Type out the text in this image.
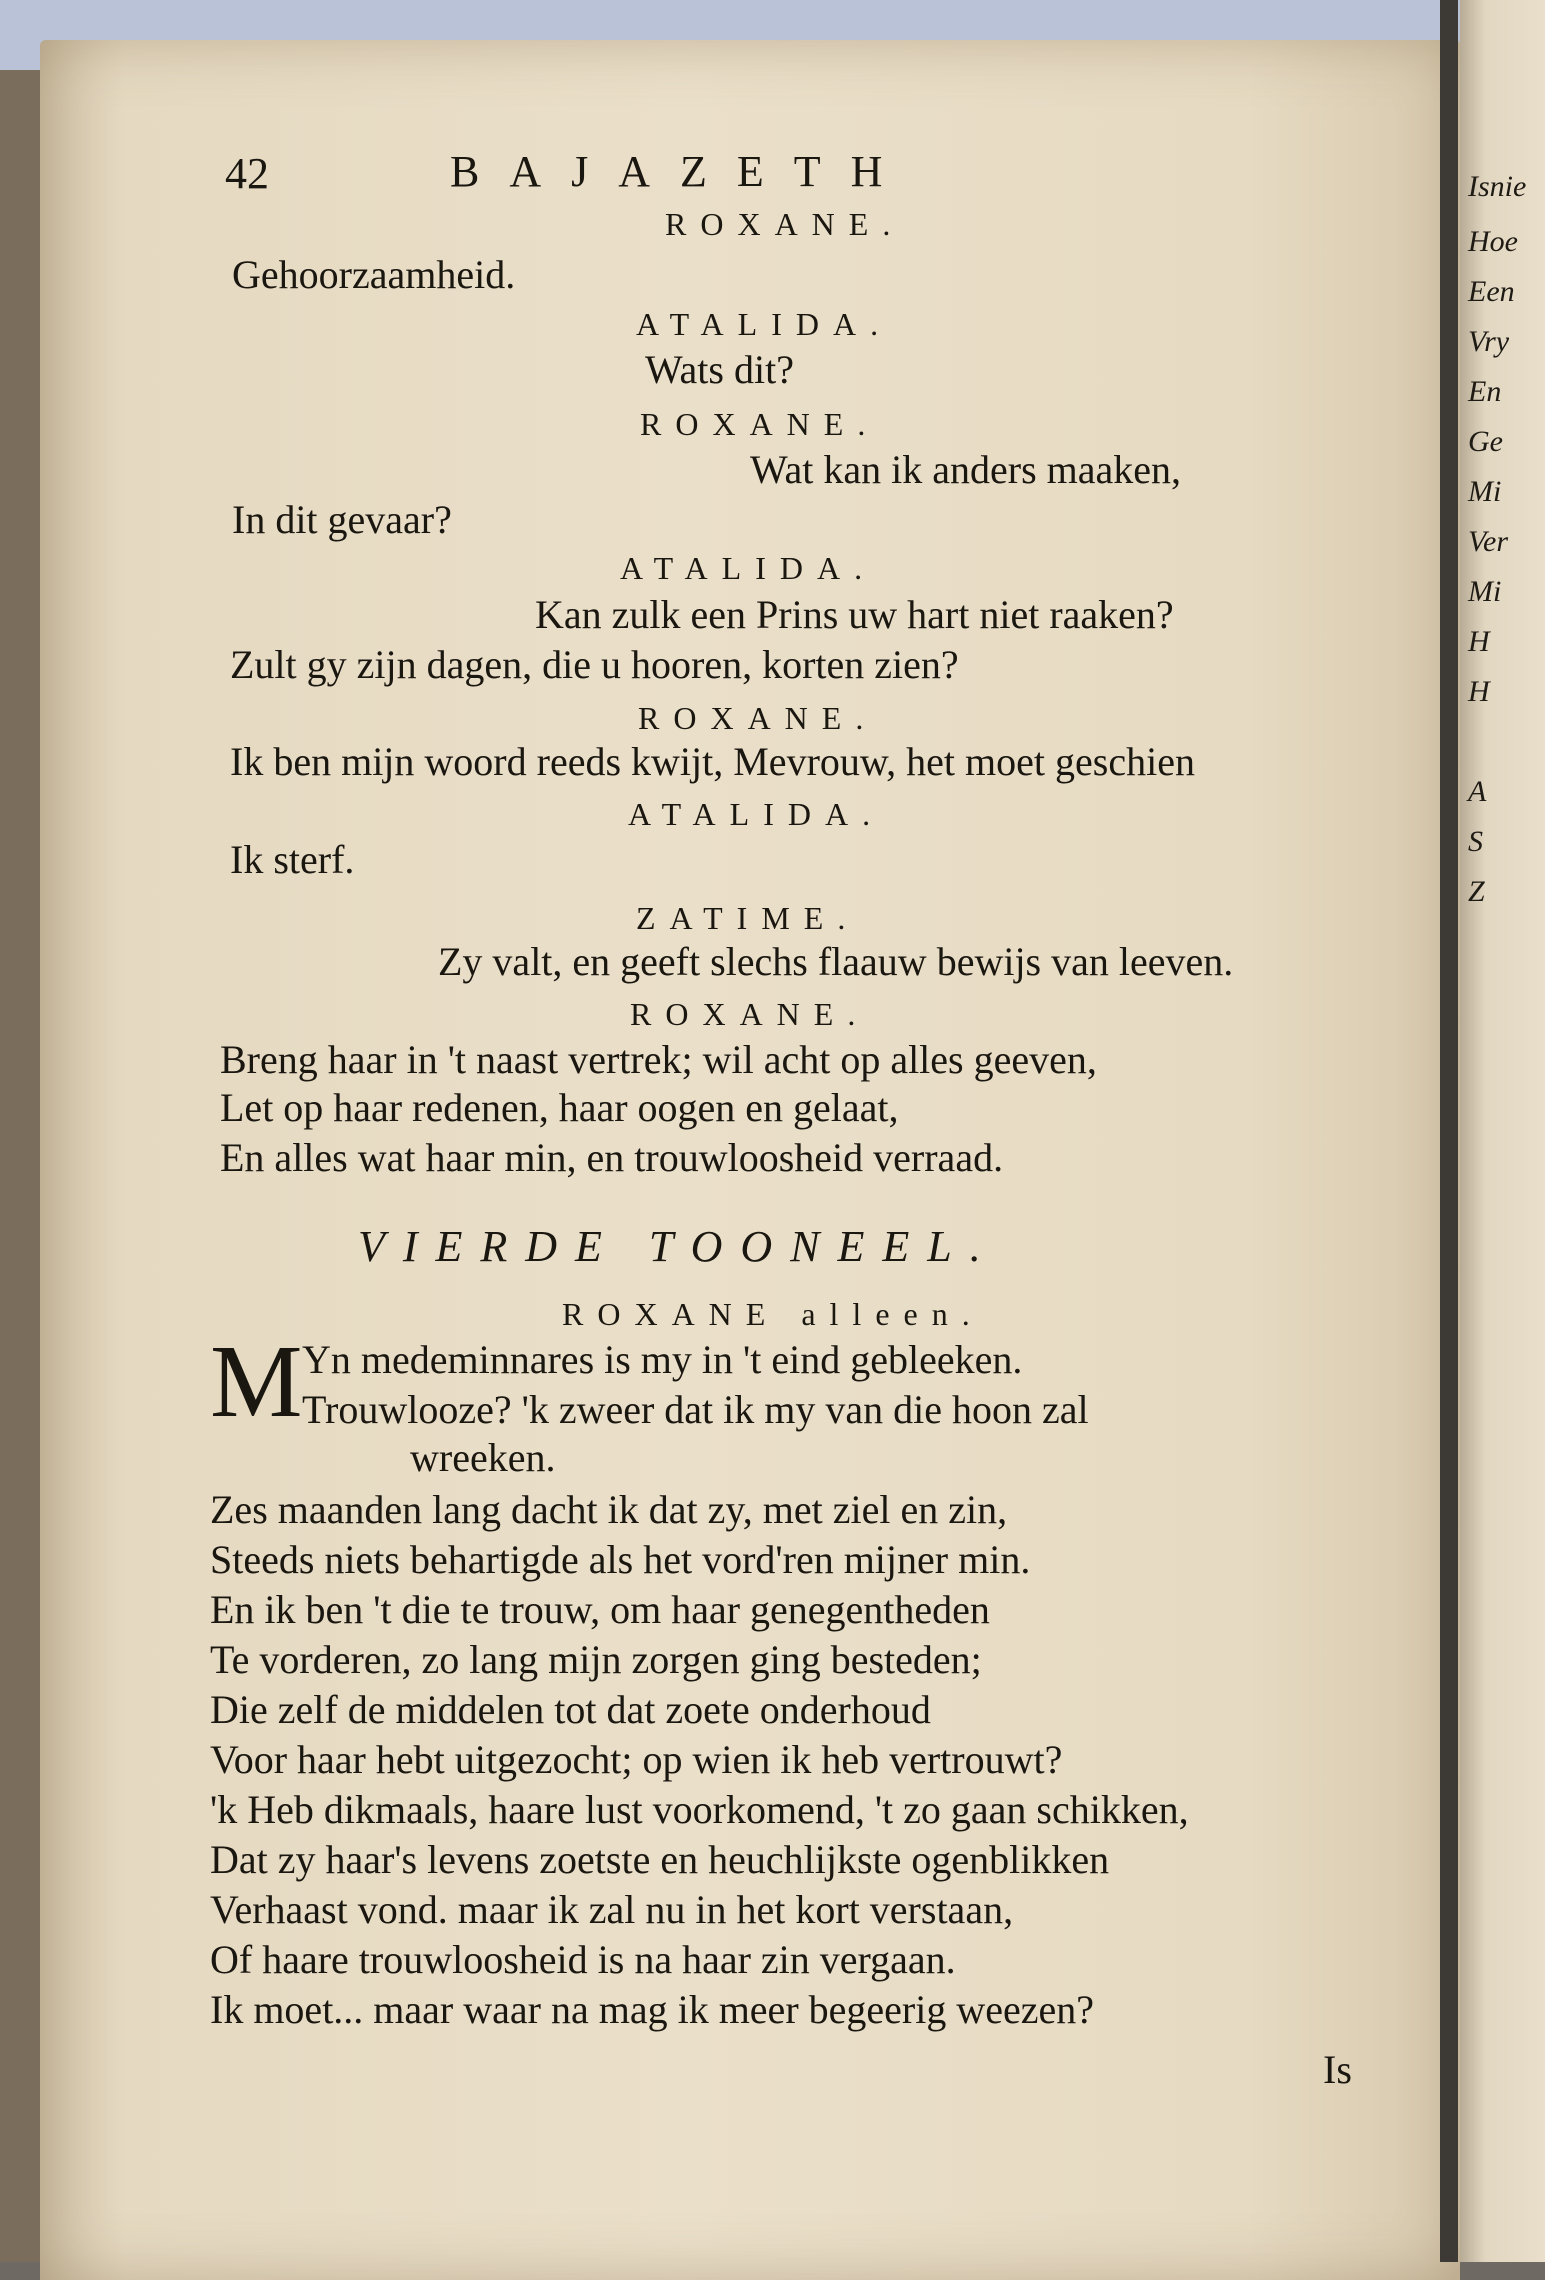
42	BAJAZETH
ROXANE.
Gehoorzaamheid.
ATALIDA.
Wats dit?
ROXANE.
Wat kan ik anders maaken,
In dit gevaar?
ATALIDA.
Kan zulk een Prins uw hart niet raaken?
Zult gy zijn dagen, die u hooren, korten zien?
ROXANE.
Ik ben mijn woord reeds kwijt, Mevrouw, het moet geschien
ATALIDA.
Ik sterf.
ZATIME.
Zy valt, en geeft slechs flaauw bewijs van leeven.
ROXANE.
Breng haar in 't naast vertrek; wil acht op alles geeven,
Let op haar redenen, haar oogen en gelaat,
En alles wat haar min, en trouwloosheid verraad.
VIERDE TOONEEL.
ROXANE alleen.
M Yn medeminnares is my in 't eind gebleeken.
Trouwlooze? 'k zweer dat ik my van die hoon zal
wreeken.
Zes maanden lang dacht ik dat zy, met ziel en zin,
Steeds niets behartigde als het vord'ren mijner min.
En ik ben 't die te trouw, om haar genegentheden
Te vorderen, zo lang mijn zorgen ging besteden;
Die zelf de middelen tot dat zoete onderhoud
Voor haar hebt uitgezocht; op wien ik heb vertrouwt?
'k Heb dikmaals, haare lust voorkomend, 't zo gaan schikken,
Dat zy haar's levens zoetste en heuchlijkste ogenblikken
Verhaast vond. maar ik zal nu in het kort verstaan,
Of haare trouwloosheid is na haar zin vergaan.
Ik moet... maar waar na mag ik meer begeerig weezen?
Is
Isnie
Hoe
Een
Vry
En
Ge
Mi
Ver
Mi
H
H
A
S
Z
